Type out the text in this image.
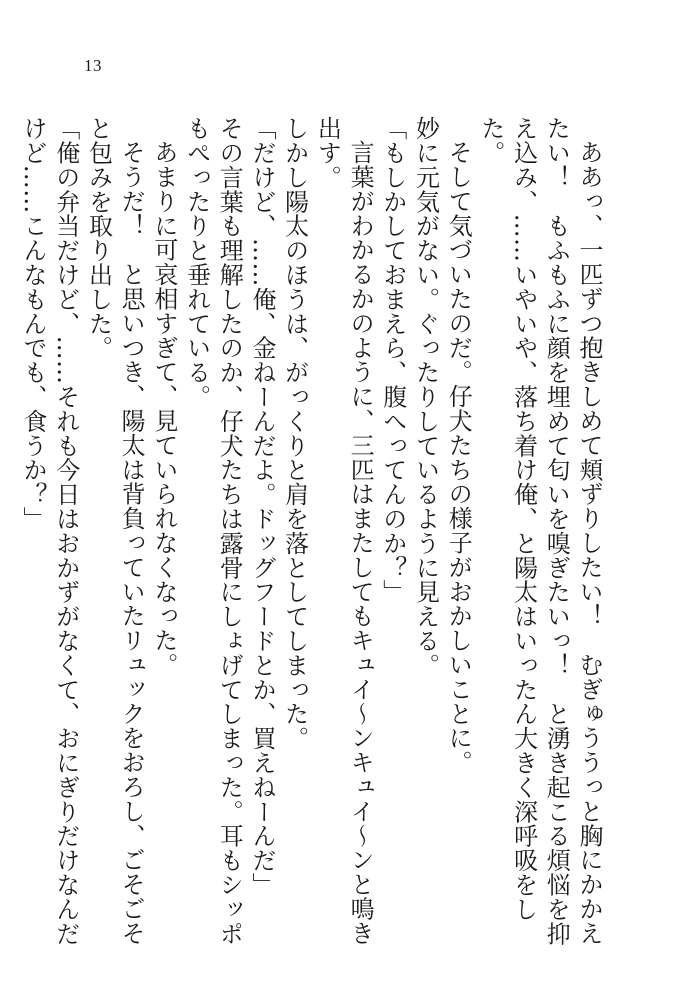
13

ああっ、一匹ずつ抱きしめて頬ずりしたい！　むぎゅううっと胸にかかえたい！　もふもふに顔を埋めて匂いを嗅ぎたいっ！　と湧き起こる煩悩を抑え込み、……いやいや、落ち着け俺、と陽太はいったん大きく深呼吸をした。

そして気づいたのだ。仔犬たちの様子がおかしいことに。

妙に元気がない。ぐったりしているように見える。

「もしかしておまえら、腹へってんのか？」

言葉がわかるかのように、三匹はまたしてもキュイ〜ンキュイ〜ンと鳴き出す。

しかし陽太のほうは、がっくりと肩を落としてしまった。

「だけど、……俺、金ねーんだよ。ドッグフードとか、買えねーんだ」

その言葉も理解したのか、仔犬たちは露骨にしょげてしまった。耳もシッポもぺったりと垂れている。

あまりに可哀相すぎて、見ていられなくなった。

そうだ！　と思いつき、陽太は背負っていたリュックをおろし、ごそごそと包みを取り出した。

「俺の弁当だけど、……それも今日はおかずがなくて、おにぎりだけなんだけど……こんなもんでも、食うか？」
